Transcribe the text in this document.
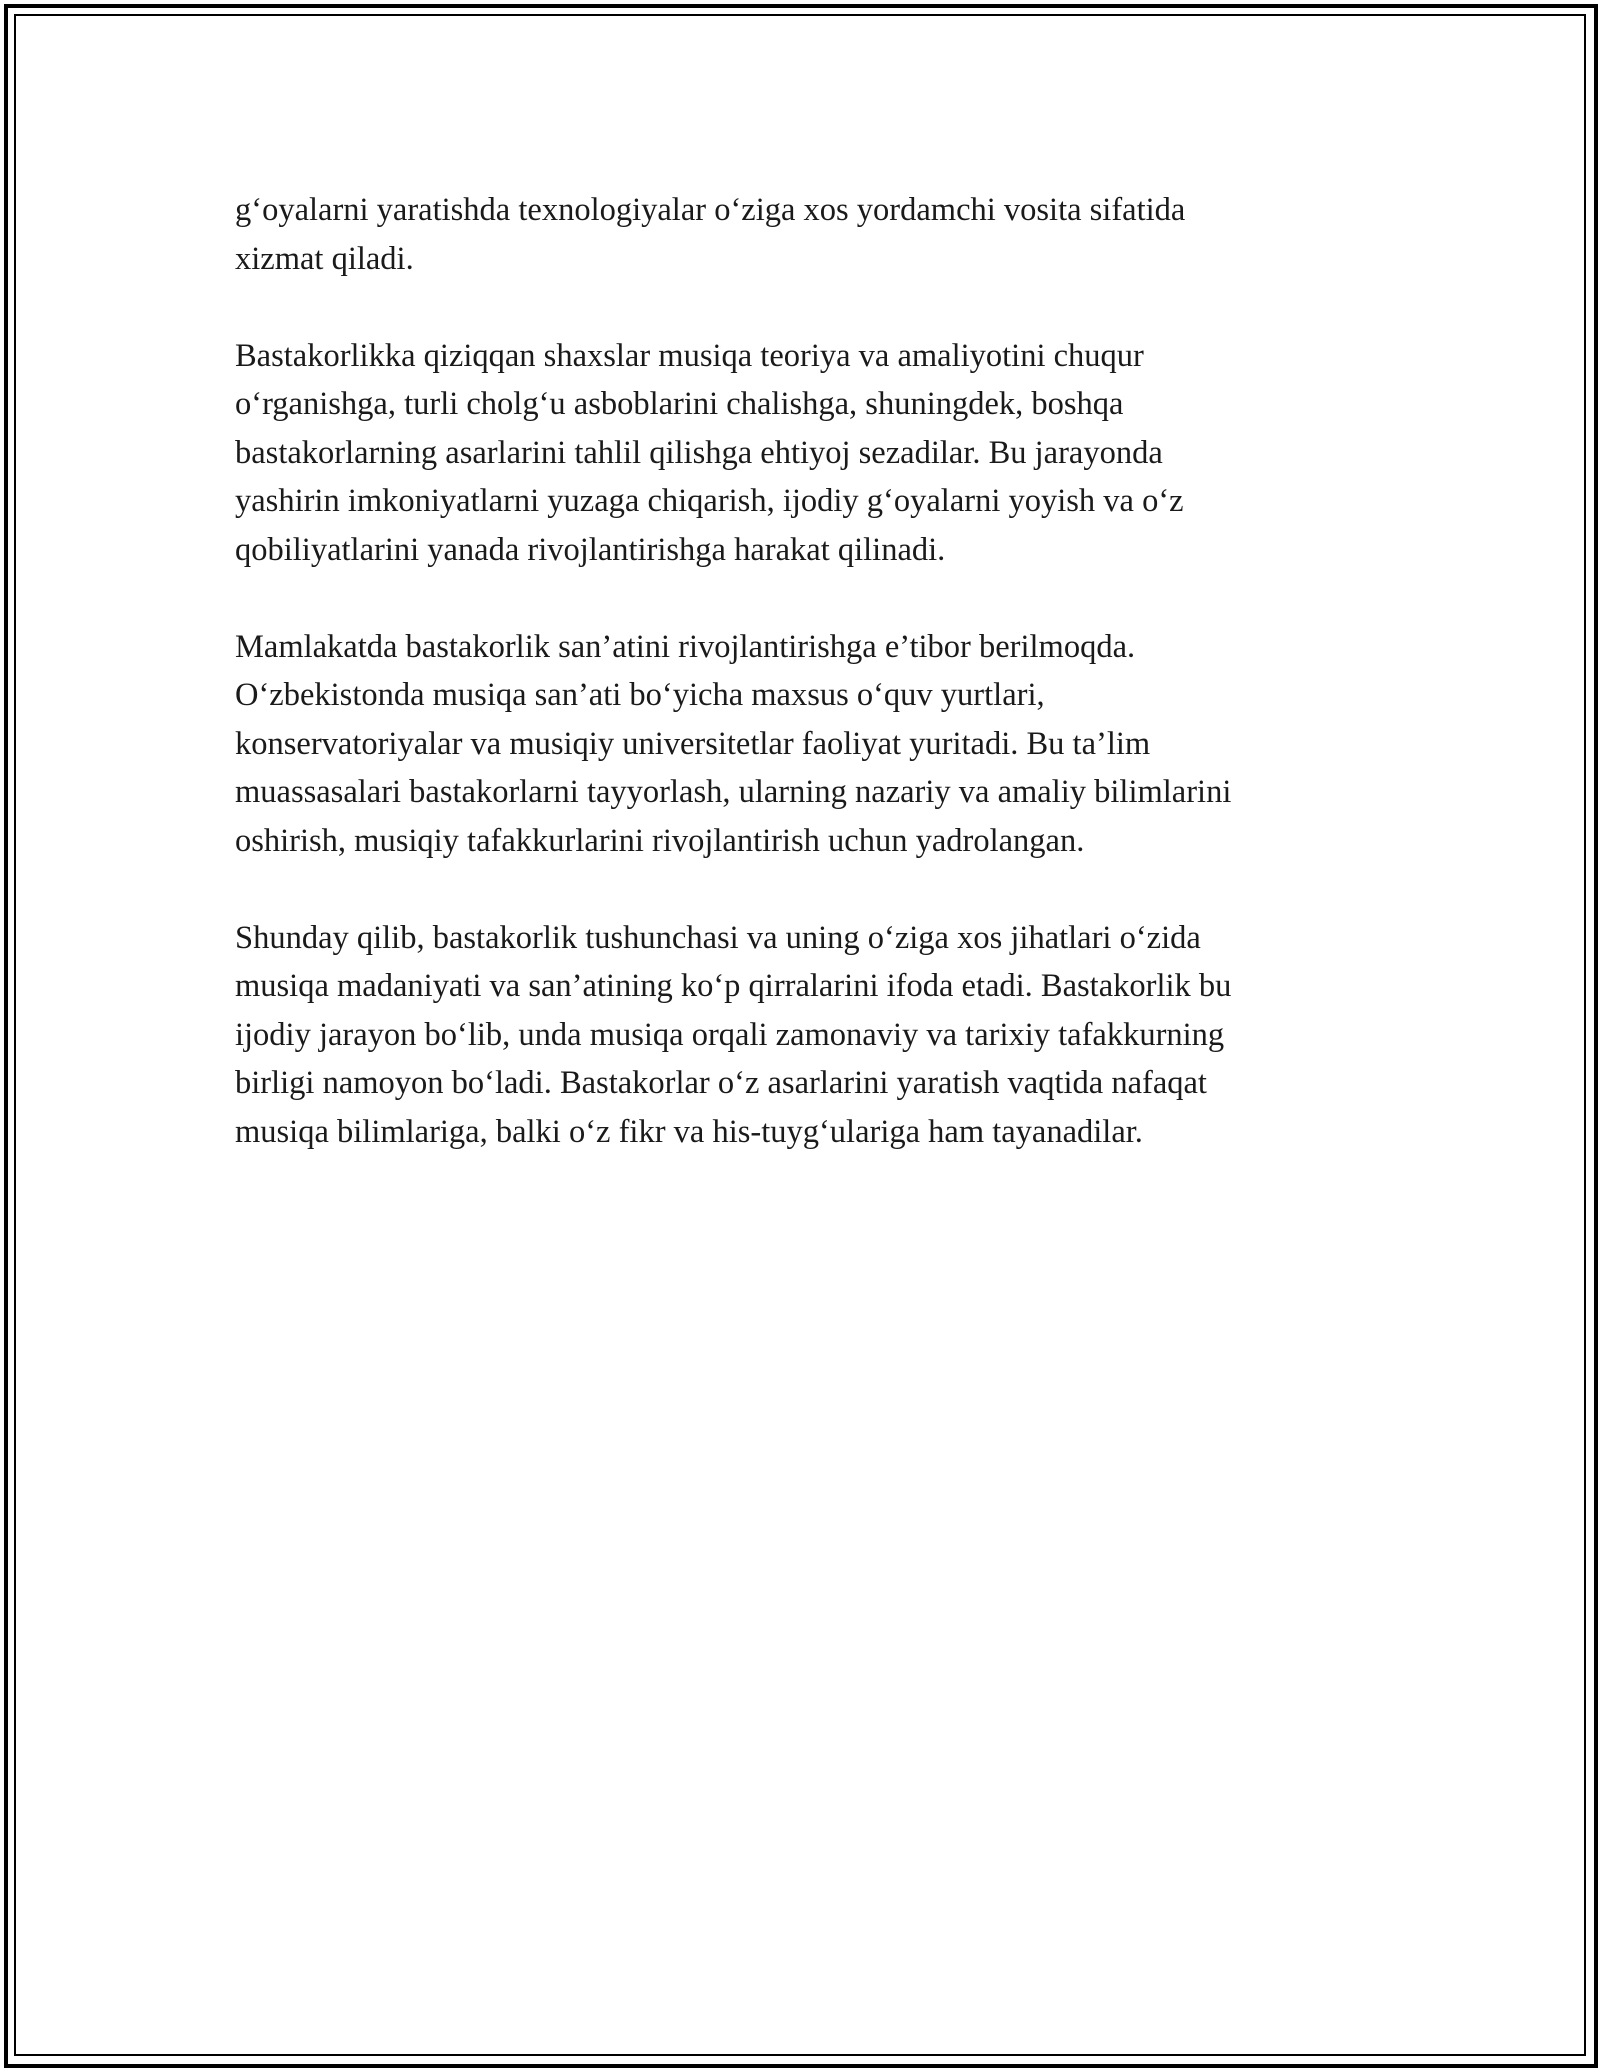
g‘oyalarni yaratishda texnologiyalar o‘ziga xos yordamchi vosita sifatida
xizmat qiladi.

Bastakorlikka qiziqqan shaxslar musiqa teoriya va amaliyotini chuqur
o‘rganishga, turli cholg‘u asboblarini chalishga, shuningdek, boshqa
bastakorlarning asarlarini tahlil qilishga ehtiyoj sezadilar. Bu jarayonda
yashirin imkoniyatlarni yuzaga chiqarish, ijodiy g‘oyalarni yoyish va o‘z
qobiliyatlarini yanada rivojlantirishga harakat qilinadi.

Mamlakatda bastakorlik san’atini rivojlantirishga e’tibor berilmoqda.
O‘zbekistonda musiqa san’ati bo‘yicha maxsus o‘quv yurtlari,
konservatoriyalar va musiqiy universitetlar faoliyat yuritadi. Bu ta’lim
muassasalari bastakorlarni tayyorlash, ularning nazariy va amaliy bilimlarini
oshirish, musiqiy tafakkurlarini rivojlantirish uchun yadrolangan.

Shunday qilib, bastakorlik tushunchasi va uning o‘ziga xos jihatlari o‘zida
musiqa madaniyati va san’atining ko‘p qirralarini ifoda etadi. Bastakorlik bu
ijodiy jarayon bo‘lib, unda musiqa orqali zamonaviy va tarixiy tafakkurning
birligi namoyon bo‘ladi. Bastakorlar o‘z asarlarini yaratish vaqtida nafaqat
musiqa bilimlariga, balki o‘z fikr va his-tuyg‘ulariga ham tayanadilar.
